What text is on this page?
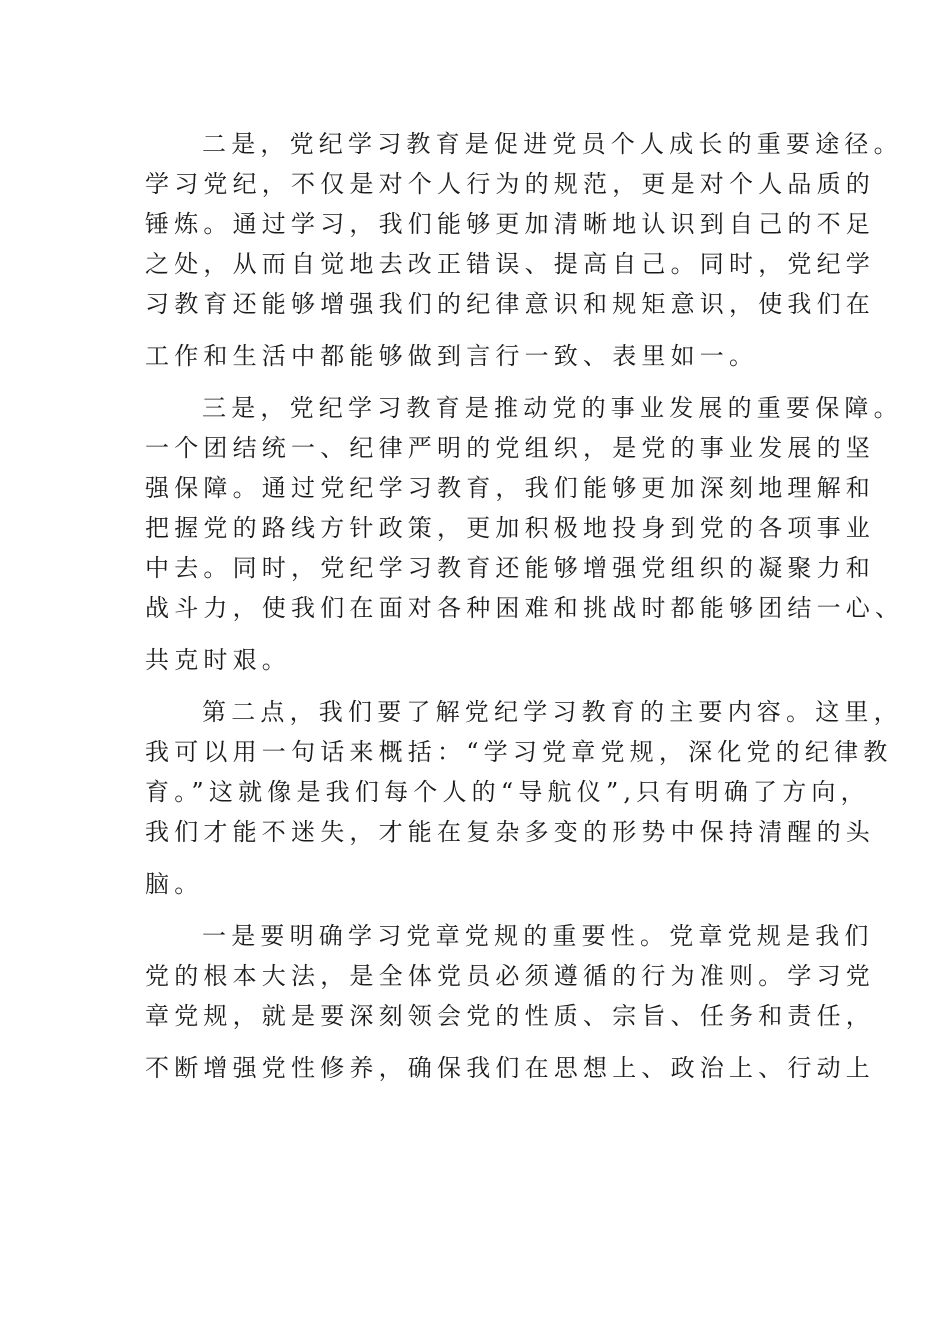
二是，党纪学习教育是促进党员个人成长的重要途径。
学习党纪，不仅是对个人行为的规范，更是对个人品质的
锤炼。通过学习，我们能够更加清晰地认识到自己的不足
之处，从而自觉地去改正错误、提高自己。同时，党纪学
习教育还能够增强我们的纪律意识和规矩意识，使我们在
工作和生活中都能够做到言行一致、表里如一。
三是，党纪学习教育是推动党的事业发展的重要保障。
一个团结统一、纪律严明的党组织，是党的事业发展的坚
强保障。通过党纪学习教育，我们能够更加深刻地理解和
把握党的路线方针政策，更加积极地投身到党的各项事业
中去。同时，党纪学习教育还能够增强党组织的凝聚力和
战斗力，使我们在面对各种困难和挑战时都能够团结一心、
共克时艰。
第二点，我们要了解党纪学习教育的主要内容。这里，
我可以用一句话来概括：“学习党章党规，深化党的纪律教
育。”这就像是我们每个人的“导航仪”,只有明确了方向，
我们才能不迷失，才能在复杂多变的形势中保持清醒的头
脑。
一是要明确学习党章党规的重要性。党章党规是我们
党的根本大法，是全体党员必须遵循的行为准则。学习党
章党规，就是要深刻领会党的性质、宗旨、任务和责任，
不断增强党性修养，确保我们在思想上、政治上、行动上
